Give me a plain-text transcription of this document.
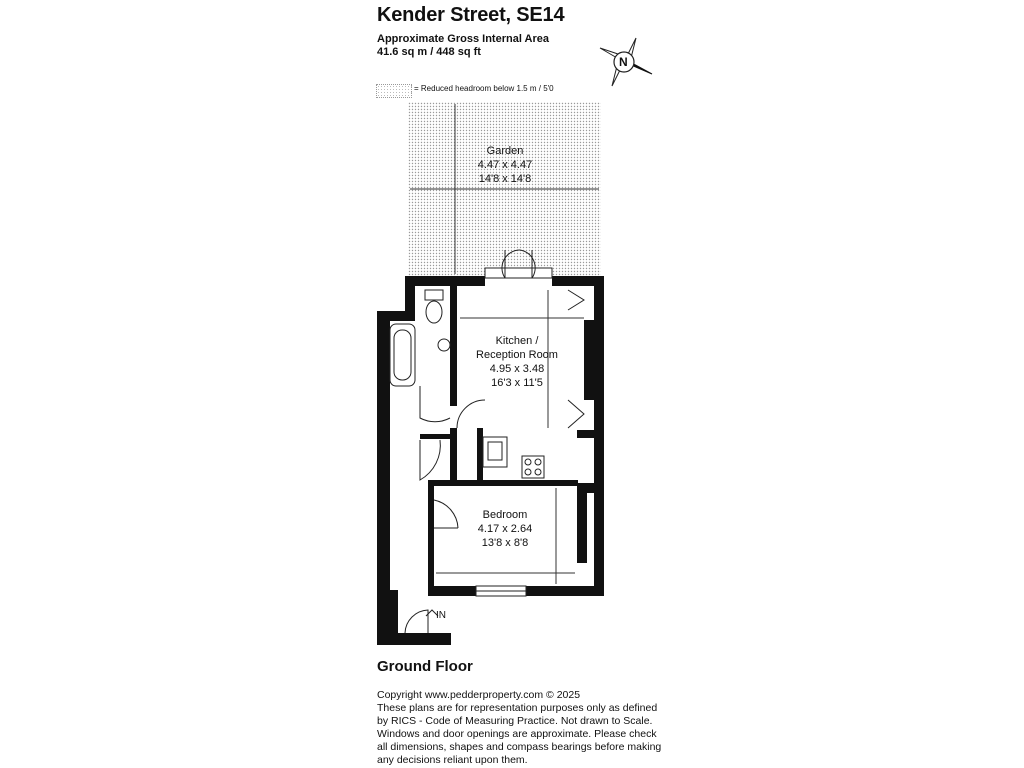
Kender Street, SE14
Approximate Gross Internal Area
41.6 sq m / 448 sq ft
= Reduced headroom below 1.5 m / 5'0
N
Garden
4.47 x 4.47
14'8 x 14'8
Kitchen /
Reception Room
4.95 x 3.48
16'3 x 11'5
Bedroom
4.17 x 2.64
13'8 x 8'8
IN
Ground Floor
Copyright www.pedderproperty.com © 2025
These plans are for representation purposes only as defined
by RICS - Code of Measuring Practice. Not drawn to Scale.
Windows and door openings are approximate. Please check
all dimensions, shapes and compass bearings before making
any decisions reliant upon them.
